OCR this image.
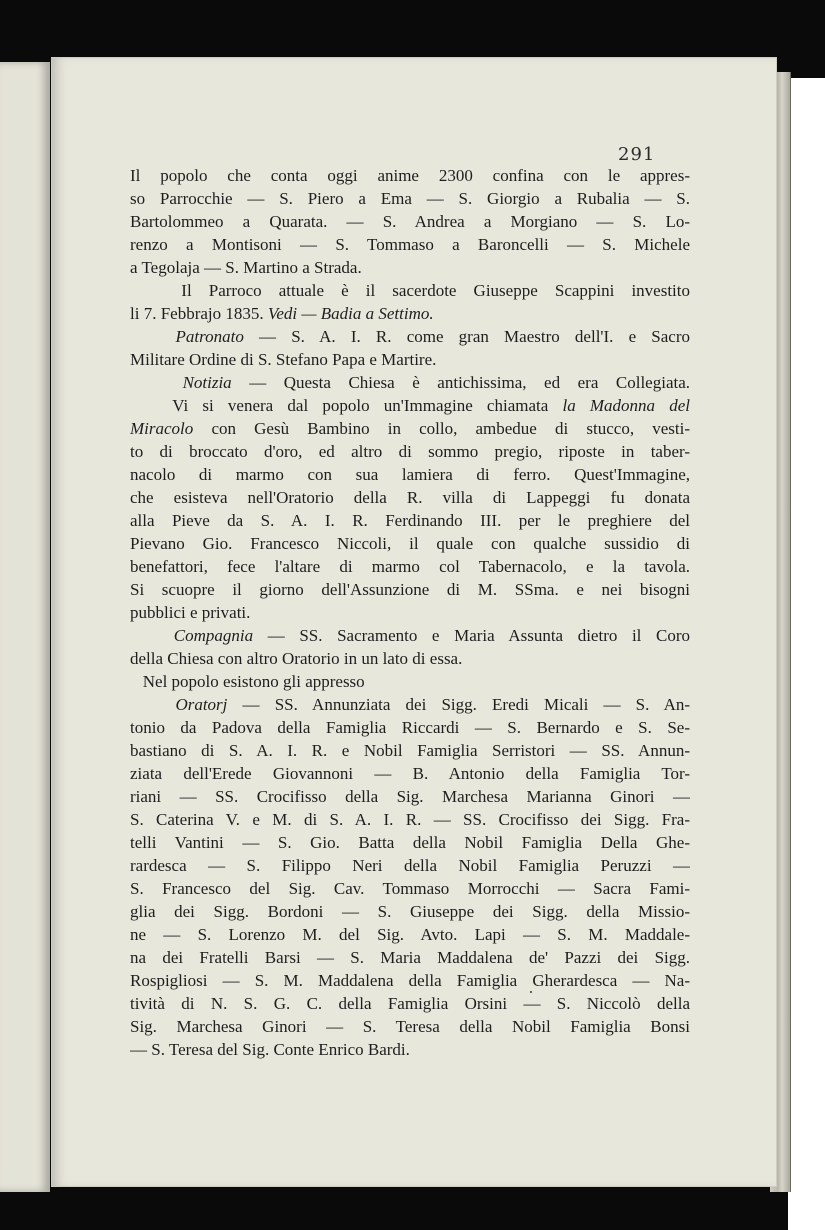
291
Il popolo che conta oggi anime 2300 confina con le appres-
so Parrocchie — S. Piero a Ema — S. Giorgio a Rubalia — S.
Bartolommeo a Quarata. — S. Andrea a Morgiano — S. Lo-
renzo a Montisoni — S. Tommaso a Baroncelli — S. Michele
a Tegolaja — S. Martino a Strada.
Il Parroco attuale è il sacerdote Giuseppe Scappini investito
li 7. Febbrajo 1835. Vedi — Badia a Settimo.
Patronato — S. A. I. R. come gran Maestro dell'I. e Sacro
Militare Ordine di S. Stefano Papa e Martire.
Notizia — Questa Chiesa è antichissima, ed era Collegiata.
Vi si venera dal popolo un'Immagine chiamata la Madonna del
Miracolo con Gesù Bambino in collo, ambedue di stucco, vesti-
to di broccato d'oro, ed altro di sommo pregio, riposte in taber-
nacolo di marmo con sua lamiera di ferro. Quest'Immagine,
che esisteva nell'Oratorio della R. villa di Lappeggi fu donata
alla Pieve da S. A. I. R. Ferdinando III. per le preghiere del
Pievano Gio. Francesco Niccoli, il quale con qualche sussidio di
benefattori, fece l'altare di marmo col Tabernacolo, e la tavola.
Si scuopre il giorno dell'Assunzione di M. SSma. e nei bisogni
pubblici e privati.
Compagnia — SS. Sacramento e Maria Assunta dietro il Coro
della Chiesa con altro Oratorio in un lato di essa.
Nel popolo esistono gli appresso
Oratorj — SS. Annunziata dei Sigg. Eredi Micali — S. An-
tonio da Padova della Famiglia Riccardi — S. Bernardo e S. Se-
bastiano di S. A. I. R. e Nobil Famiglia Serristori — SS. Annun-
ziata dell'Erede Giovannoni — B. Antonio della Famiglia Tor-
riani — SS. Crocifisso della Sig. Marchesa Marianna Ginori —
S. Caterina V. e M. di S. A. I. R. — SS. Crocifisso dei Sigg. Fra-
telli Vantini — S. Gio. Batta della Nobil Famiglia Della Ghe-
rardesca — S. Filippo Neri della Nobil Famiglia Peruzzi —
S. Francesco del Sig. Cav. Tommaso Morrocchi — Sacra Fami-
glia dei Sigg. Bordoni — S. Giuseppe dei Sigg. della Missio-
ne — S. Lorenzo M. del Sig. Avto. Lapi — S. M. Maddale-
na dei Fratelli Barsi — S. Maria Maddalena de' Pazzi dei Sigg.
Rospigliosi — S. M. Maddalena della Famiglia Gherardesca — Na-
tività di N. S. G. C. della Famiglia Orsini — S. Niccolò della
Sig. Marchesa Ginori — S. Teresa della Nobil Famiglia Bonsi
— S. Teresa del Sig. Conte Enrico Bardi.
